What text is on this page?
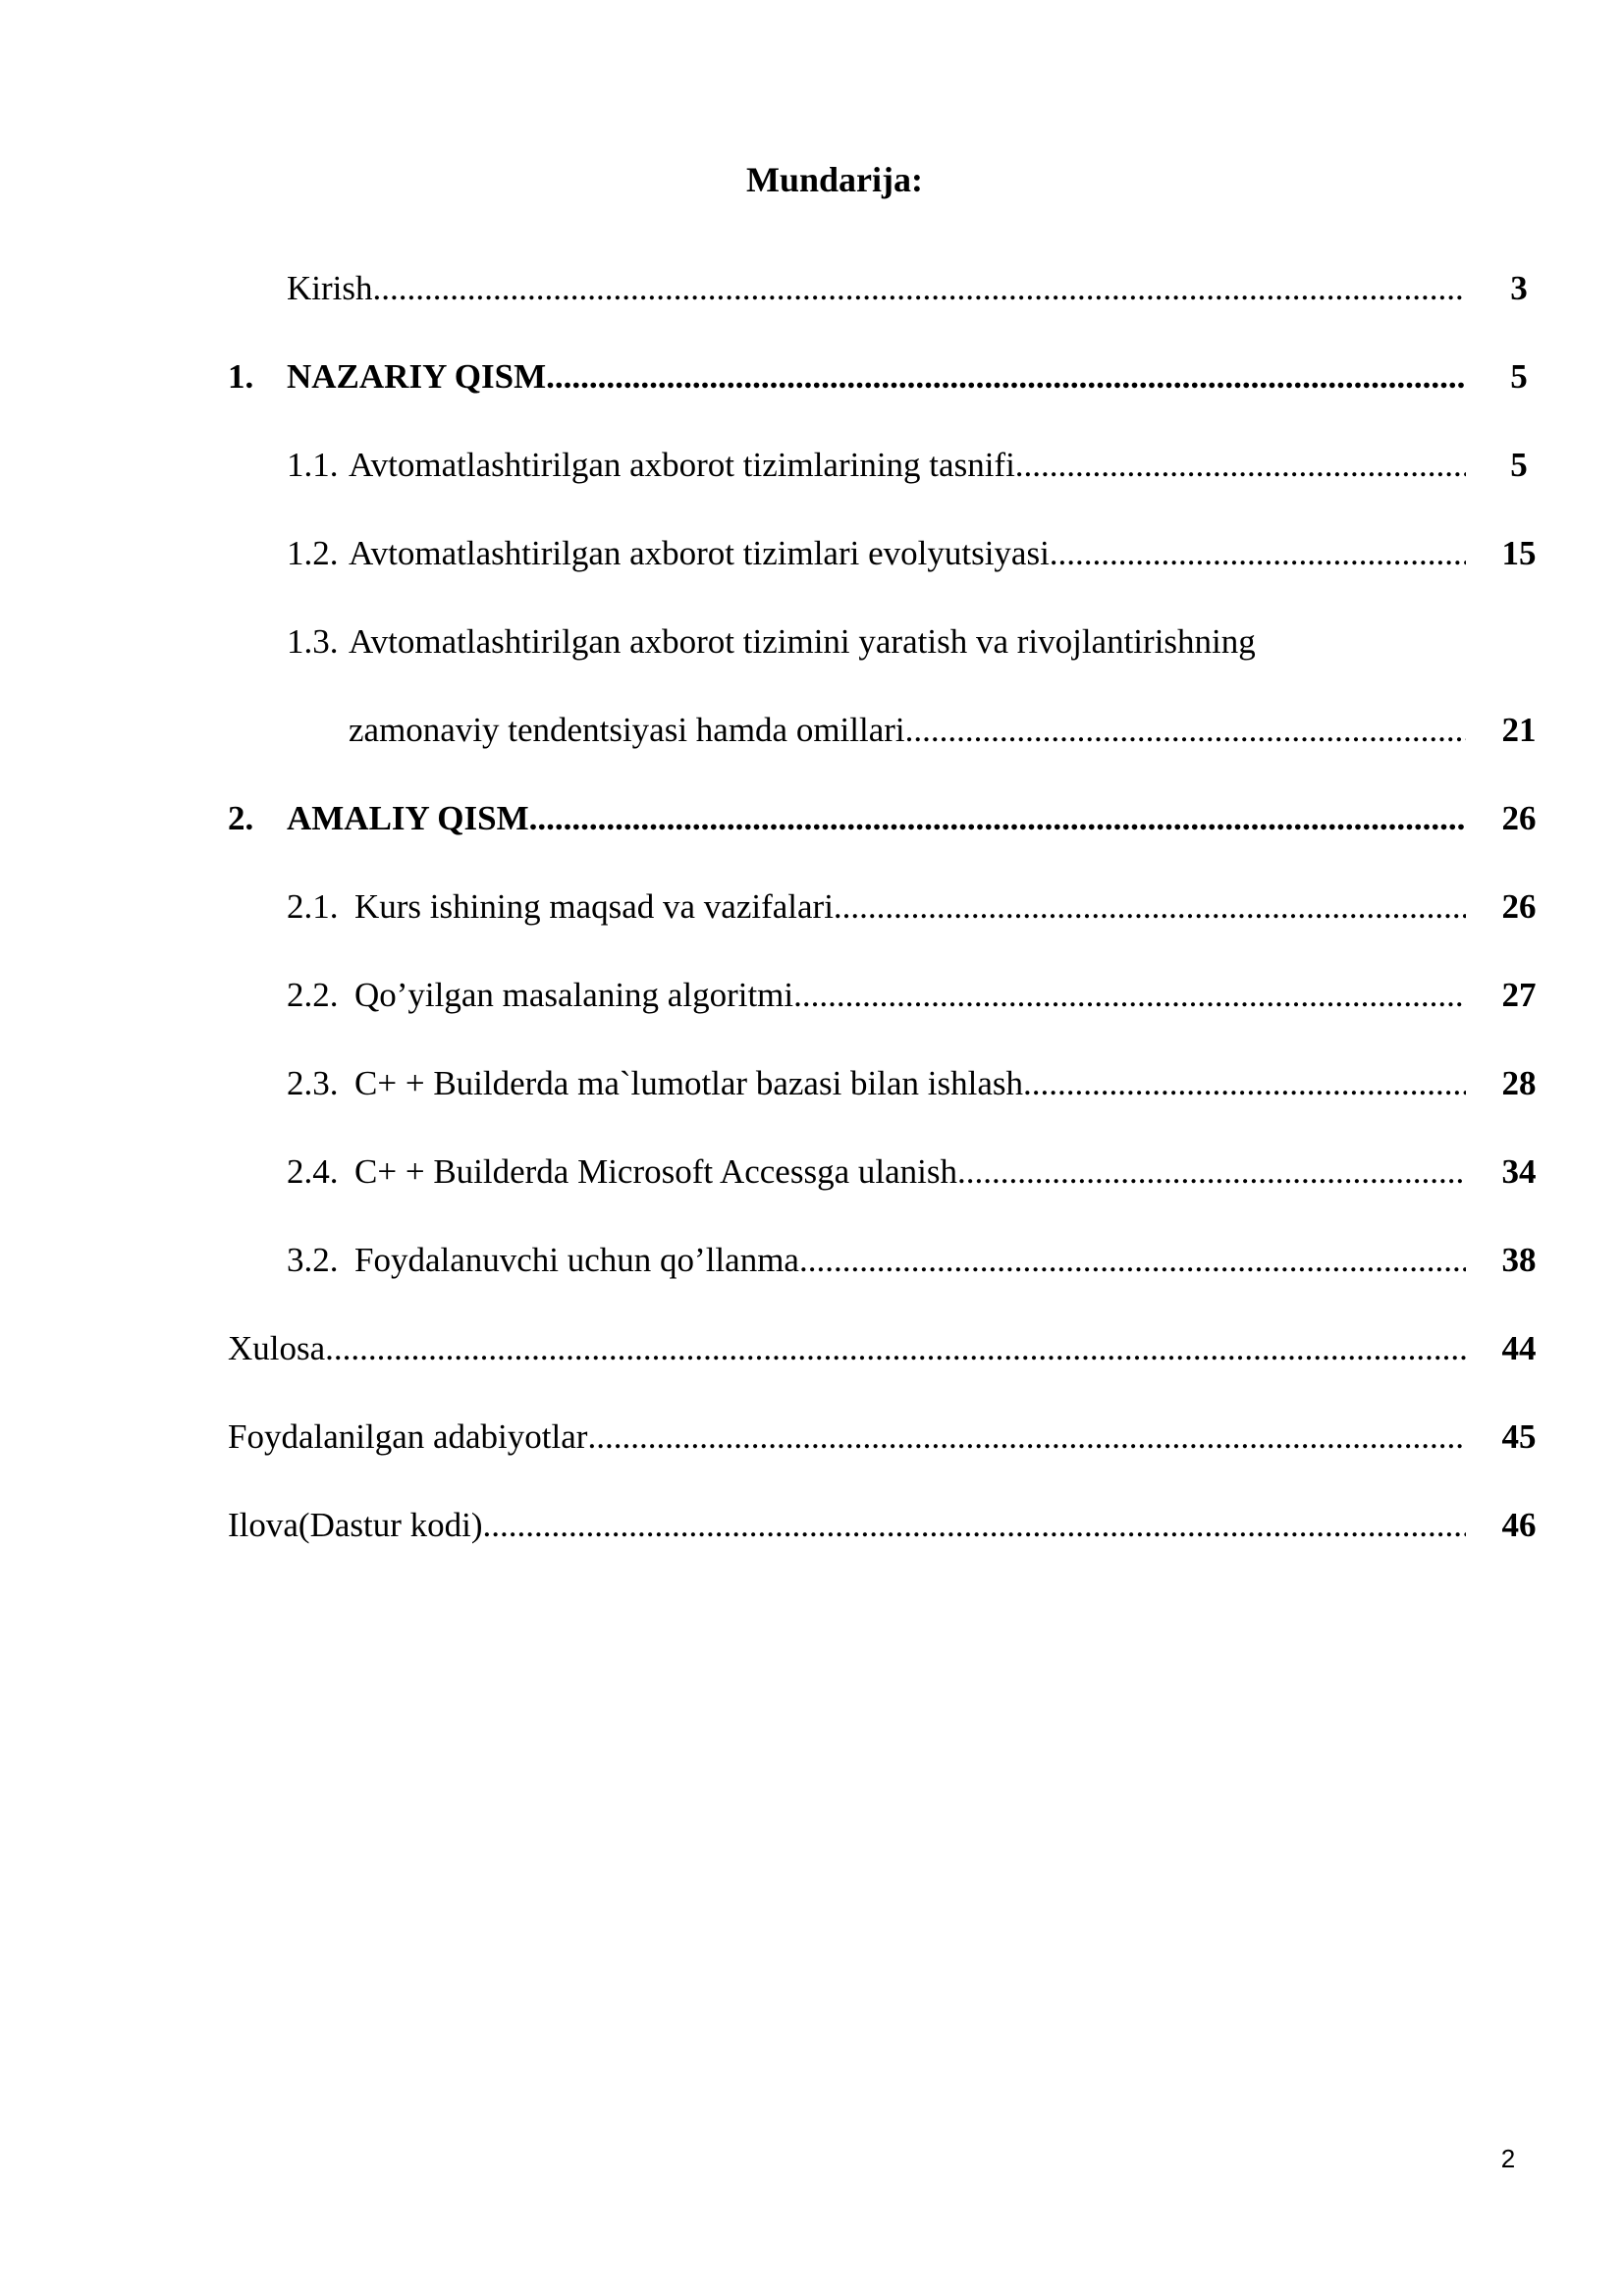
Mundarija:
Kirish .....	3
1. NAZARIY QISM .....	5
1.1. Avtomatlashtirilgan axborot tizimlarining tasnifi .....	5
1.2. Avtomatlashtirilgan axborot tizimlari evolyutsiyasi .....	15
1.3. Avtomatlashtirilgan axborot tizimini yaratish va rivojlantirishning
zamonaviy tendentsiyasi hamda omillari .....	21
2. AMALIY QISM .....	26
2.1. Kurs ishining maqsad va vazifalari .....	26
2.2. Qo’yilgan masalaning algoritmi .....	27
2.3. C+ + Builderda ma`lumotlar bazasi bilan ishlash .....	28
2.4. C+ + Builderda Microsoft Accessga ulanish .....	34
3.2. Foydalanuvchi uchun qo’llanma .....	38
Xulosa .....	44
Foydalanilgan adabiyotlar .....	45
Ilova(Dastur kodi) .....	46
2
